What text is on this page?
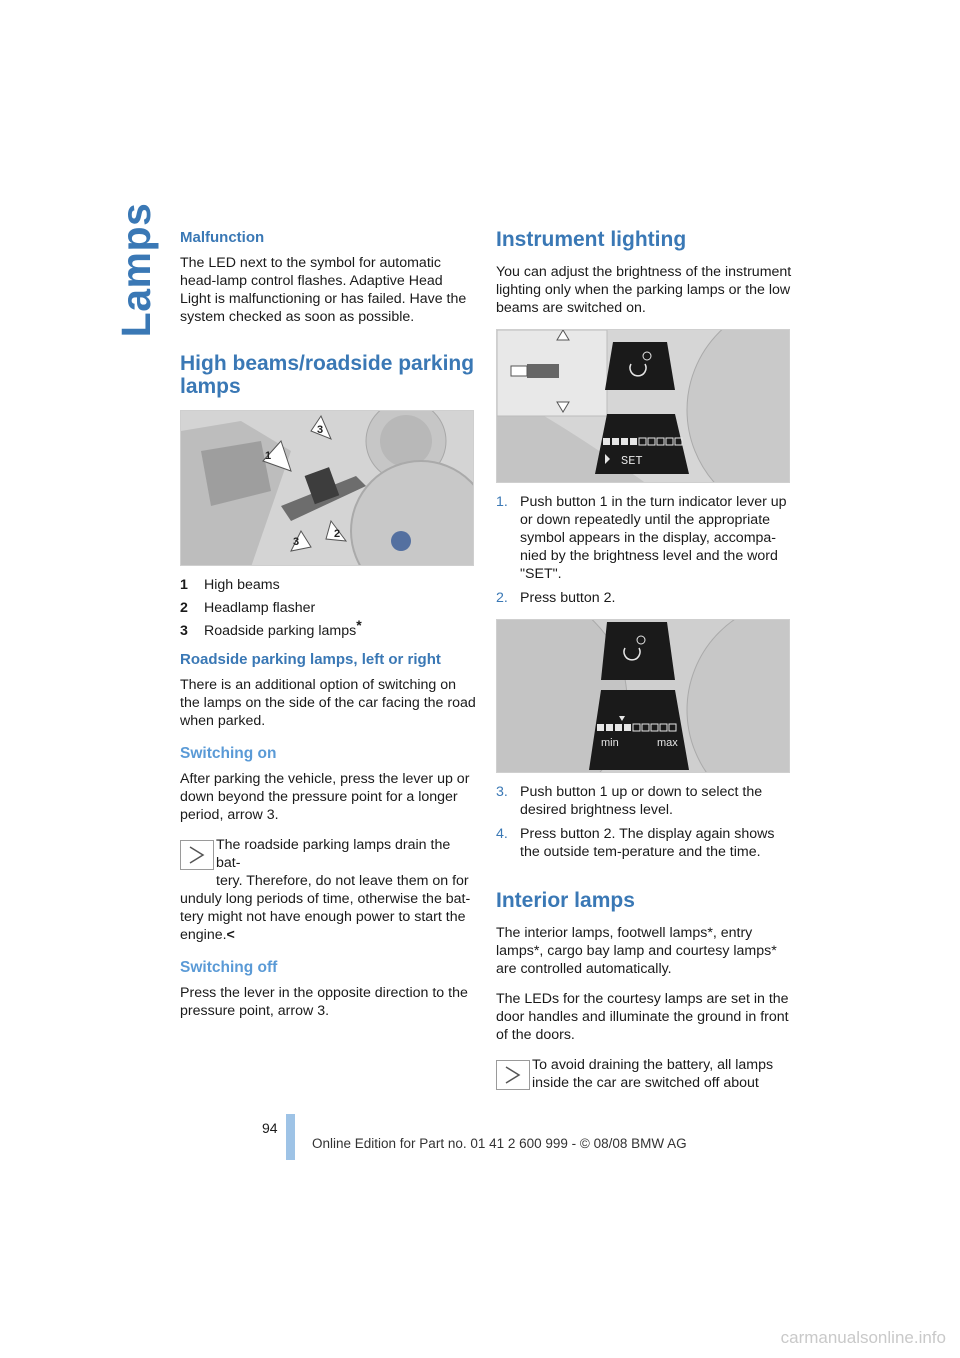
Lamps Malfunction

The LED next to the symbol for automatic head-lamp control flashes. Adaptive Head Light is malfunctioning or has failed. Have the system checked as soon as possible.

High beams/roadside parking lamps
1
3
2
3
1	High beams
2	Headlamp flasher
3	Roadside parking lamps*
Roadside parking lamps, left or right

There is an additional option of switching on the lamps on the side of the car facing the road when parked.

Switching on

After parking the vehicle, press the lever up or down beyond the pressure point for a longer period, arrow 3.

The roadside parking lamps drain the bat-
tery. Therefore, do not leave them on for
unduly long periods of time, otherwise the bat-tery might not have enough power to start the engine.<
Switching off

Press the lever in the opposite direction to the pressure point, arrow 3.

Instrument lighting

You can adjust the brightness of the instrument lighting only when the parking lamps or the low beams are switched on.

SET
1. Push button 1 in the turn indicator lever up or down repeatedly until the appropriate symbol appears in the display, accompa-nied by the brightness level and the word "SET".
2. Press button 2.
min	max
3. Push button 1 up or down to select the desired brightness level.
4. Press button 2. The display again shows the outside tem-perature and the time.
Interior lamps

The interior lamps, footwell lamps*, entry lamps*, cargo bay lamp and courtesy lamps* are controlled automatically.

The LEDs for the courtesy lamps are set in the door handles and illuminate the ground in front of the doors.

To avoid draining the battery, all lamps
inside the car are switched off about
94
Online Edition for Part no. 01 41 2 600 999 - © 08/08 BMW AG
carmanualsonline.info
